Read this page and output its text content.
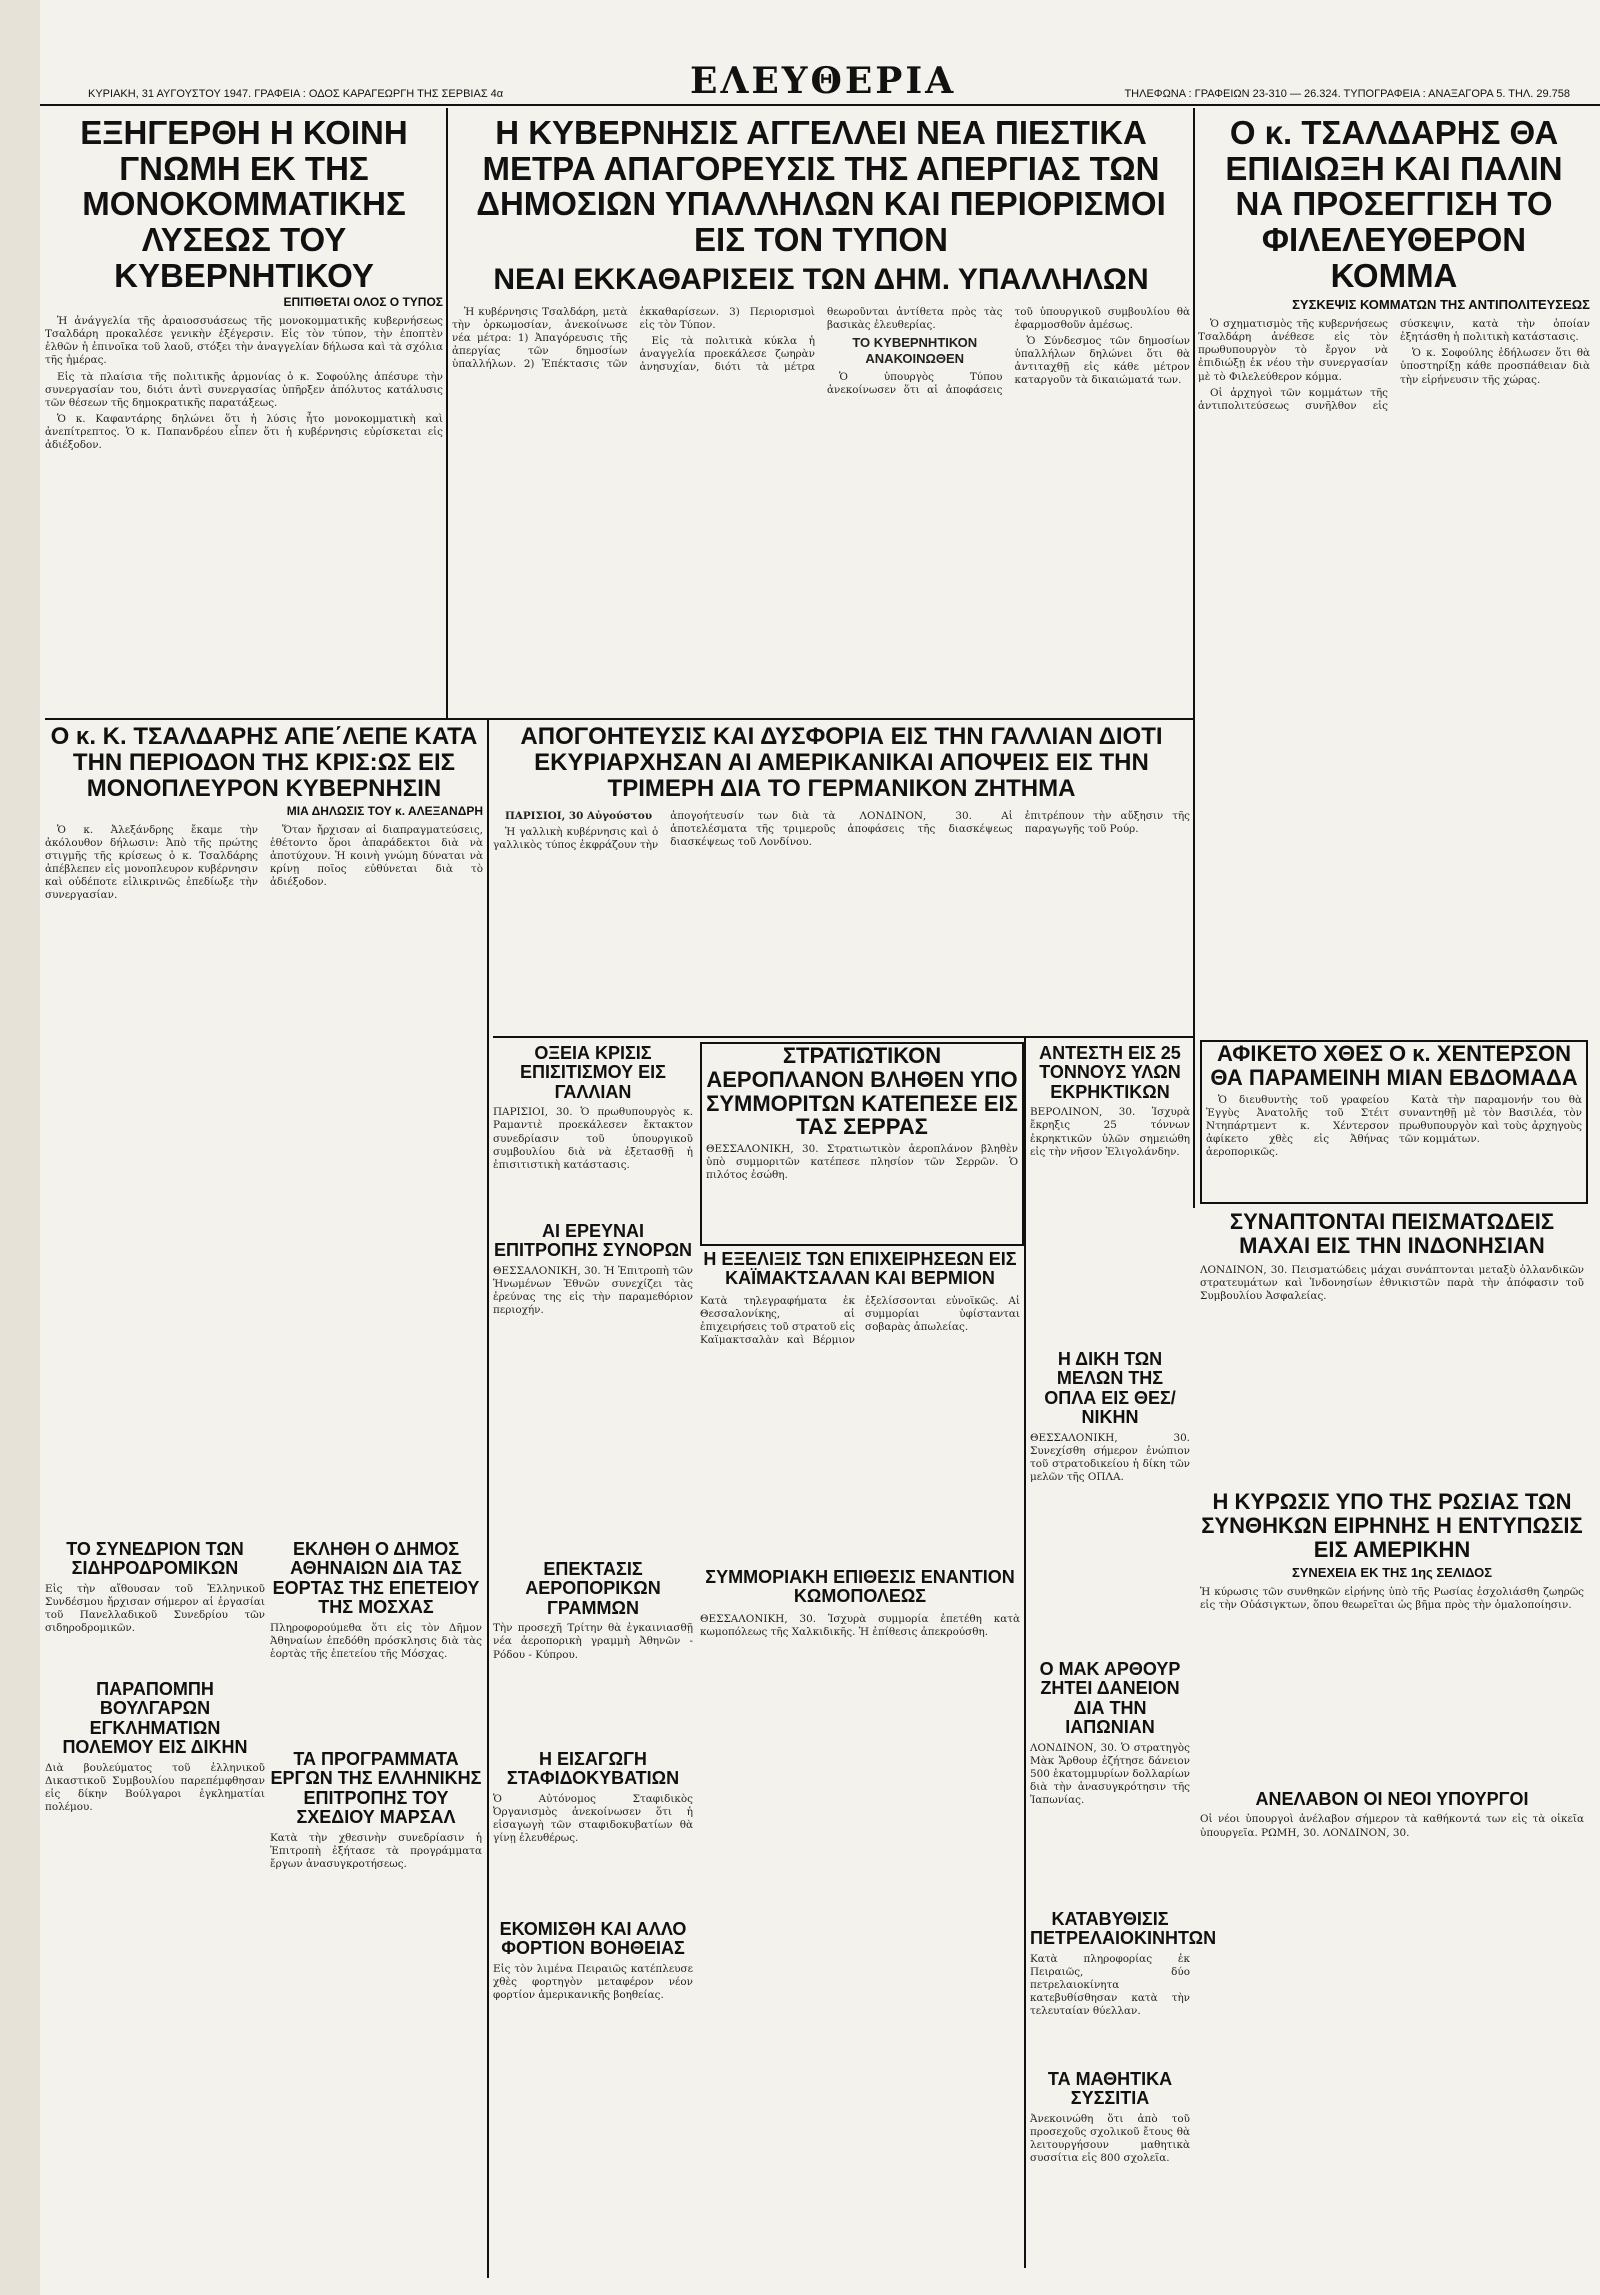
ΚΥΡΙΑΚΗ, 31 ΑΥΓΟΥΣΤΟΥ 1947. ΓΡΑΦΕΙΑ : ΟΔΟΣ ΚΑΡΑΓΕΩΡΓΗ ΤΗΣ ΣΕΡΒΙΑΣ 4α	ΕΛΕΥΘΕΡΙΑ	ΤΗΛΕΦΩΝΑ : ΓΡΑΦΕΙΩΝ 23-310 — 26.324. ΤΥΠΟΓΡΑΦΕΙΑ : ΑΝΑΞΑΓΟΡΑ 5. ΤΗΛ. 29.758
ΕΞΗΓΕΡΘΗ Η ΚΟΙΝΗ ΓΝΩΜΗ ΕΚ ΤΗΣ ΜΟΝΟΚΟΜΜΑΤΙΚΗΣ ΛΥΣΕΩΣ ΤΟΥ ΚΥΒΕΡΝΗΤΙΚΟΥ
ΕΠΙΤΙΘΕΤΑΙ ΟΛΟΣ Ο ΤΥΠΟΣ

Ἡ ἀνάγγελία τῆς ἀραιοσσυάσεως τῆς μονοκομματικῆς κυβερνήσεως Τσαλδάρη προκαλέσε γενικὴν ἐξέγερσιν. Εἰς τὸν τύπον, τὴν ἐποπτὲν ἐλθῶν ἡ ἐπινοῖκα τοῦ λαοῦ, στόξει τὴν ἀναγγελίαν δήλωσα καὶ τὰ σχόλια τῆς ἡμέρας.

Εἰς τὰ πλαίσια τῆς πολιτικῆς ἀρμονίας ὁ κ. Σοφούλης ἀπέσυρε τὴν συνεργασίαν του, διότι ἀντὶ συνεργασίας ὑπῆρξεν ἀπόλυτος κατάλυσις τῶν θέσεων τῆς δημοκρατικῆς παρατάξεως.

Ὁ κ. Καφαντάρης δηλώνει ὅτι ἡ λύσις ἦτο μονοκομματικὴ καὶ ἀνεπίτρεπτος. Ὁ κ. Παπανδρέου εἶπεν ὅτι ἡ κυβέρνησις εὑρίσκεται εἰς ἀδιέξοδον.

Η ΚΥΒΕΡΝΗΣΙΣ ΑΓΓΕΛΛΕΙ ΝΕΑ ΠΙΕΣΤΙΚΑ ΜΕΤΡΑ ΑΠΑΓΟΡΕΥΣΙΣ ΤΗΣ ΑΠΕΡΓΙΑΣ ΤΩΝ ΔΗΜΟΣΙΩΝ ΥΠΑΛΛΗΛΩΝ ΚΑΙ ΠΕΡΙΟΡΙΣΜΟΙ ΕΙΣ ΤΟΝ ΤΥΠΟΝ
ΝΕΑΙ ΕΚΚΑΘΑΡΙΣΕΙΣ ΤΩΝ ΔΗΜ. ΥΠΑΛΛΗΛΩΝ

Ἡ κυβέρνησις Τσαλδάρη, μετὰ τὴν ὁρκωμοσίαν, ἀνεκοίνωσε νέα μέτρα: 1) Ἀπαγόρευσις τῆς ἀπεργίας τῶν δημοσίων ὑπαλλήλων. 2) Ἐπέκτασις τῶν ἐκκαθαρίσεων. 3) Περιορισμοὶ εἰς τὸν Τύπον.

Εἰς τὰ πολιτικὰ κύκλα ἡ ἀναγγελία προεκάλεσε ζωηρὰν ἀνησυχίαν, διότι τὰ μέτρα θεωροῦνται ἀντίθετα πρὸς τὰς βασικὰς ἐλευθερίας.

ΤΟ ΚΥΒΕΡΝΗΤΙΚΟΝ ΑΝΑΚΟΙΝΩΘΕΝ

Ὁ ὑπουργὸς Τύπου ἀνεκοίνωσεν ὅτι αἱ ἀποφάσεις τοῦ ὑπουργικοῦ συμβουλίου θὰ ἐφαρμοσθοῦν ἀμέσως.

Ὁ Σύνδεσμος τῶν δημοσίων ὑπαλλήλων δηλώνει ὅτι θὰ ἀντιταχθῇ εἰς κάθε μέτρον καταργοῦν τὰ δικαιώματά των.

Ο κ. ΤΣΑΛΔΑΡΗΣ ΘΑ ΕΠΙΔΙΩΞΗ ΚΑΙ ΠΑΛΙΝ ΝΑ ΠΡΟΣΕΓΓΙΣΗ ΤΟ ΦΙΛΕΛΕΥΘΕΡΟΝ ΚΟΜΜΑ
ΣΥΣΚΕΨΙΣ ΚΟΜΜΑΤΩΝ ΤΗΣ ΑΝΤΙΠΟΛΙΤΕΥΣΕΩΣ

Ὁ σχηματισμὸς τῆς κυβερνήσεως Τσαλδάρη ἀνέθεσε εἰς τὸν πρωθυπουργὸν τὸ ἔργον νὰ ἐπιδιώξῃ ἐκ νέου τὴν συνεργασίαν μὲ τὸ Φιλελεύθερον κόμμα.

Οἱ ἀρχηγοὶ τῶν κομμάτων τῆς ἀντιπολιτεύσεως συνῆλθον εἰς σύσκεψιν, κατὰ τὴν ὁποίαν ἐξητάσθη ἡ πολιτικὴ κατάστασις.

Ὁ κ. Σοφούλης ἐδήλωσεν ὅτι θὰ ὑποστηρίξῃ κάθε προσπάθειαν διὰ τὴν εἰρήνευσιν τῆς χώρας.

Ο κ. Κ. ΤΣΑΛΔΑΡΗΣ ΑΠΕ΄ΛΕΠΕ ΚΑΤΑ ΤΗΝ ΠΕΡΙΟΔΟΝ ΤΗΣ ΚΡΙΣ:ΩΣ ΕΙΣ ΜΟΝΟΠΛΕΥΡΟΝ ΚΥΒΕΡΝΗΣΙΝ
ΜΙΑ ΔΗΛΩΣΙΣ ΤΟΥ κ. ΑΛΕΞΑΝΔΡΗ

Ὁ κ. Ἀλεξάνδρης ἔκαμε τὴν ἀκόλουθον δήλωσιν: Ἀπὸ τῆς πρώτης στιγμῆς τῆς κρίσεως ὁ κ. Τσαλδάρης ἀπέβλεπεν εἰς μονοπλευρον κυβέρνησιν καὶ οὐδέποτε εἰλικρινῶς ἐπεδίωξε τὴν συνεργασίαν.

Ὅταν ἤρχισαν αἱ διαπραγματεύσεις, ἐθέτοντο ὅροι ἀπαράδεκτοι διὰ νὰ ἀποτύχουν. Ἡ κοινὴ γνώμη δύναται νὰ κρίνῃ ποῖος εὐθύνεται διὰ τὸ ἀδιέξοδον.

ΑΠΟΓΟΗΤΕΥΣΙΣ ΚΑΙ ΔΥΣΦΟΡΙΑ ΕΙΣ ΤΗΝ ΓΑΛΛΙΑΝ ΔΙΟΤΙ ΕΚΥΡΙΑΡΧΗΣΑΝ ΑΙ ΑΜΕΡΙΚΑΝΙΚΑΙ ΑΠΟΨΕΙΣ ΕΙΣ ΤΗΝ ΤΡΙΜΕΡΗ ΔΙΑ ΤΟ ΓΕΡΜΑΝΙΚΟΝ ΖΗΤΗΜΑ

ΠΑΡΙΣΙΟΙ, 30 Αὐγούστου

Ἡ γαλλικὴ κυβέρνησις καὶ ὁ γαλλικὸς τύπος ἐκφράζουν τὴν ἀπογοήτευσίν των διὰ τὰ ἀποτελέσματα τῆς τριμεροῦς διασκέψεως τοῦ Λονδίνου.

ΛΟΝΔΙΝΟΝ, 30. Αἱ ἀποφάσεις τῆς διασκέψεως ἐπιτρέπουν τὴν αὔξησιν τῆς παραγωγῆς τοῦ Ρούρ.

ΑΦΙΚΕΤΟ ΧΘΕΣ Ο κ. ΧΕΝΤΕΡΣΟΝ ΘΑ ΠΑΡΑΜΕΙΝΗ ΜΙΑΝ ΕΒΔΟΜΑΔΑ

Ὁ διευθυντὴς τοῦ γραφείου Ἐγγὺς Ἀνατολῆς τοῦ Στέιτ Ντηπάρτμεντ κ. Χέντερσον ἀφίκετο χθὲς εἰς Ἀθήνας ἀεροπορικῶς.

Κατὰ τὴν παραμονήν του θὰ συναντηθῇ μὲ τὸν Βασιλέα, τὸν πρωθυπουργὸν καὶ τοὺς ἀρχηγοὺς τῶν κομμάτων.

ΟΞΕΙΑ ΚΡΙΣΙΣ ΕΠΙΣΙΤΙΣΜΟΥ ΕΙΣ ΓΑΛΛΙΑΝ
ΠΑΡΙΣΙΟΙ, 30. Ὁ πρωθυπουργὸς κ. Ραμαντιὲ προεκάλεσεν ἔκτακτον συνεδρίασιν τοῦ ὑπουργικοῦ συμβουλίου διὰ νὰ ἐξετασθῇ ἡ ἐπισιτιστικὴ κατάστασις.
ΣΤΡΑΤΙΩΤΙΚΟΝ ΑΕΡΟΠΛΑΝΟΝ ΒΛΗΘΕΝ ΥΠΟ ΣΥΜΜΟΡΙΤΩΝ ΚΑΤΕΠΕΣΕ ΕΙΣ ΤΑΣ ΣΕΡΡΑΣ
ΘΕΣΣΑΛΟΝΙΚΗ, 30. Στρατιωτικὸν ἀεροπλάνον βληθὲν ὑπὸ συμμοριτῶν κατέπεσε πλησίον τῶν Σερρῶν. Ὁ πιλότος ἐσώθη.
ΑΝΤΕΣΤΗ ΕΙΣ 25 ΤΟΝΝΟΥΣ ΥΛΩΝ ΕΚΡΗΚΤΙΚΩΝ
ΒΕΡΟΛΙΝΟΝ, 30. Ἰσχυρὰ ἔκρηξις 25 τόννων ἐκρηκτικῶν ὑλῶν σημειώθη εἰς τὴν νῆσον Ἐλιγολάνδην.
ΣΥΝΑΠΤΟΝΤΑΙ ΠΕΙΣΜΑΤΩΔΕΙΣ ΜΑΧΑΙ ΕΙΣ ΤΗΝ ΙΝΔΟΝΗΣΙΑΝ
ΛΟΝΔΙΝΟΝ, 30. Πεισματώδεις μάχαι συνάπτονται μεταξὺ ὁλλανδικῶν στρατευμάτων καὶ Ἰνδονησίων ἐθνικιστῶν παρὰ τὴν ἀπόφασιν τοῦ Συμβουλίου Ἀσφαλείας.
ΑΙ ΕΡΕΥΝΑΙ ΕΠΙΤΡΟΠΗΣ ΣΥΝΟΡΩΝ
ΘΕΣΣΑΛΟΝΙΚΗ, 30. Ἡ Ἐπιτροπὴ τῶν Ἡνωμένων Ἐθνῶν συνεχίζει τὰς ἐρεύνας της εἰς τὴν παραμεθόριον περιοχήν.
Η ΕΞΕΛΙΞΙΣ ΤΩΝ ΕΠΙΧΕΙΡΗΣΕΩΝ ΕΙΣ ΚΑΪΜΑΚΤΣΑΛΑΝ ΚΑΙ ΒΕΡΜΙΟΝ
Κατὰ τηλεγραφήματα ἐκ Θεσσαλονίκης, αἱ ἐπιχειρήσεις τοῦ στρατοῦ εἰς Καϊμακτσαλὰν καὶ Βέρμιον ἐξελίσσονται εὐνοϊκῶς. Αἱ συμμορίαι ὑφίστανται σοβαρὰς ἀπωλείας.
Η ΔΙΚΗ ΤΩΝ ΜΕΛΩΝ ΤΗΣ ΟΠΛΑ ΕΙΣ ΘΕΣ/ΝΙΚΗΝ
ΘΕΣΣΑΛΟΝΙΚΗ, 30. Συνεχίσθη σήμερον ἐνώπιον τοῦ στρατοδικείου ἡ δίκη τῶν μελῶν τῆς ΟΠΛΑ.
Η ΚΥΡΩΣΙΣ ΥΠΟ ΤΗΣ ΡΩΣΙΑΣ ΤΩΝ ΣΥΝΘΗΚΩΝ ΕΙΡΗΝΗΣ Η ΕΝΤΥΠΩΣΙΣ ΕΙΣ ΑΜΕΡΙΚΗΝ
ΣΥΝΕΧΕΙΑ ΕΚ ΤΗΣ 1ης ΣΕΛΙΔΟΣ
Ἡ κύρωσις τῶν συνθηκῶν εἰρήνης ὑπὸ τῆς Ρωσίας ἐσχολιάσθη ζωηρῶς εἰς τὴν Οὐάσιγκτων, ὅπου θεωρεῖται ὡς βῆμα πρὸς τὴν ὁμαλοποίησιν.
ΤΟ ΣΥΝΕΔΡΙΟΝ ΤΩΝ ΣΙΔΗΡΟΔΡΟΜΙΚΩΝ
Εἰς τὴν αἴθουσαν τοῦ Ἑλληνικοῦ Συνδέσμου ἤρχισαν σήμερον αἱ ἐργασίαι τοῦ Πανελλαδικοῦ Συνεδρίου τῶν σιδηροδρομικῶν.
ΕΚΛΗΘΗ Ο ΔΗΜΟΣ ΑΘΗΝΑΙΩΝ ΔΙΑ ΤΑΣ ΕΟΡΤΑΣ ΤΗΣ ΕΠΕΤΕΙΟΥ ΤΗΣ ΜΟΣΧΑΣ
Πληροφορούμεθα ὅτι εἰς τὸν Δῆμον Ἀθηναίων ἐπεδόθη πρόσκλησις διὰ τὰς ἑορτὰς τῆς ἐπετείου τῆς Μόσχας.
ΕΠΕΚΤΑΣΙΣ ΑΕΡΟΠΟΡΙΚΩΝ ΓΡΑΜΜΩΝ
Τὴν προσεχῆ Τρίτην θὰ ἐγκαινιασθῇ νέα ἀεροπορικὴ γραμμὴ Ἀθηνῶν - Ρόδου - Κύπρου.
ΣΥΜΜΟΡΙΑΚΗ ΕΠΙΘΕΣΙΣ ΕΝΑΝΤΙΟΝ ΚΩΜΟΠΟΛΕΩΣ
ΘΕΣΣΑΛΟΝΙΚΗ, 30. Ἰσχυρὰ συμμορία ἐπετέθη κατὰ κωμοπόλεως τῆς Χαλκιδικῆς. Ἡ ἐπίθεσις ἀπεκρούσθη.
Ο ΜΑΚ ΑΡΘΟΥΡ ΖΗΤΕΙ ΔΑΝΕΙΟΝ ΔΙΑ ΤΗΝ ΙΑΠΩΝΙΑΝ
ΛΟΝΔΙΝΟΝ, 30. Ὁ στρατηγὸς Μὰκ Ἄρθουρ ἐζήτησε δάνειον 500 ἑκατομμυρίων δολλαρίων διὰ τὴν ἀνασυγκρότησιν τῆς Ἰαπωνίας.
ΠΑΡΑΠΟΜΠΗ ΒΟΥΛΓΑΡΩΝ ΕΓΚΛΗΜΑΤΙΩΝ ΠΟΛΕΜΟΥ ΕΙΣ ΔΙΚΗΝ
Διὰ βουλεύματος τοῦ ἐλληνικοῦ Δικαστικοῦ Συμβουλίου παρεπέμφθησαν εἰς δίκην Βούλγαροι ἐγκληματίαι πολέμου.
ΤΑ ΠΡΟΓΡΑΜΜΑΤΑ ΕΡΓΩΝ ΤΗΣ ΕΛΛΗΝΙΚΗΣ ΕΠΙΤΡΟΠΗΣ ΤΟΥ ΣΧΕΔΙΟΥ ΜΑΡΣΑΛ
Κατὰ τὴν χθεσινὴν συνεδρίασιν ἡ Ἐπιτροπὴ ἐξήτασε τὰ προγράμματα ἔργων ἀνασυγκροτήσεως.
Η ΕΙΣΑΓΩΓΗ ΣΤΑΦΙΔΟΚΥΒΑΤΙΩΝ
Ὁ Αὐτόνομος Σταφιδικὸς Ὀργανισμὸς ἀνεκοίνωσεν ὅτι ἡ εἰσαγωγὴ τῶν σταφιδοκυβατίων θὰ γίνῃ ἐλευθέρως.
ΕΚΟΜΙΣΘΗ ΚΑΙ ΑΛΛΟ ΦΟΡΤΙΟΝ ΒΟΗΘΕΙΑΣ
Εἰς τὸν λιμένα Πειραιῶς κατέπλευσε χθὲς φορτηγὸν μεταφέρον νέον φορτίον ἀμερικανικῆς βοηθείας.
ΚΑΤΑΒΥΘΙΣΙΣ ΠΕΤΡΕΛΑΙΟΚΙΝΗΤΩΝ
Κατὰ πληροφορίας ἐκ Πειραιῶς, δύο πετρελαιοκίνητα κατεβυθίσθησαν κατὰ τὴν τελευταίαν θύελλαν.
ΤΑ ΜΑΘΗΤΙΚΑ ΣΥΣΣΙΤΙΑ
Ἀνεκοινώθη ὅτι ἀπὸ τοῦ προσεχοῦς σχολικοῦ ἔτους θὰ λειτουργήσουν μαθητικὰ συσσίτια εἰς 800 σχολεῖα.
ΑΝΕΛΑΒΟΝ ΟΙ ΝΕΟΙ ΥΠΟΥΡΓΟΙ
Οἱ νέοι ὑπουργοὶ ἀνέλαβον σήμερον τὰ καθήκοντά των εἰς τὰ οἰκεῖα ὑπουργεῖα. ΡΩΜΗ, 30. ΛΟΝΔΙΝΟΝ, 30.
